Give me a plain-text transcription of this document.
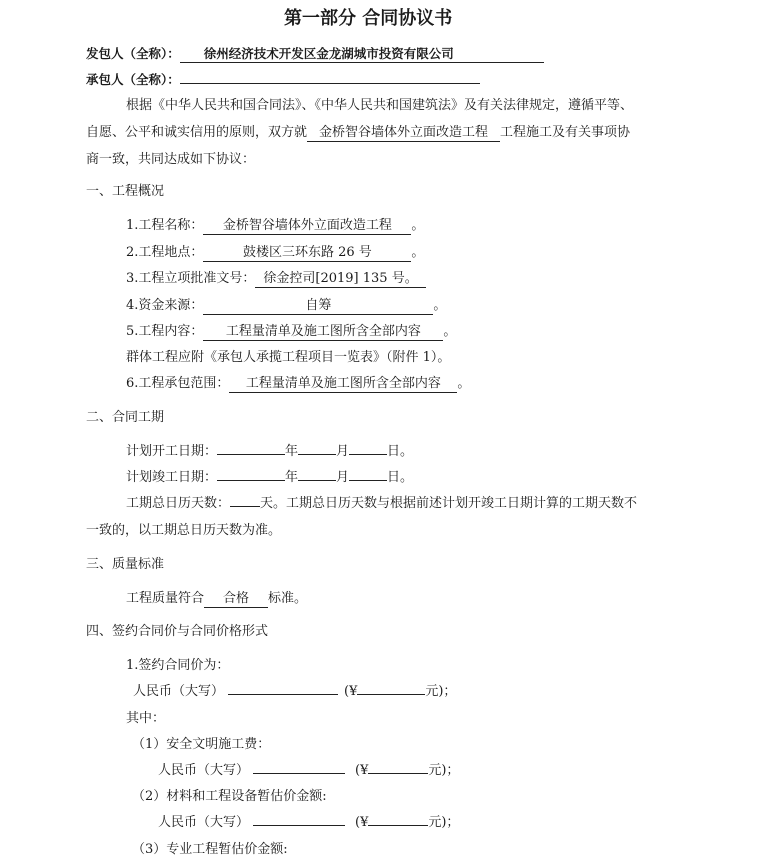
第一部分 合同协议书
发包人（全称）： 徐州经济技术开发区金龙湖城市投资有限公司
承包人（全称）：
根据《中华人民共和国合同法》、《中华人民共和国建筑法》及有关法律规定，遵循平等、
自愿、公平和诚实信用的原则，双方就 金桥智谷墙体外立面改造工程 工程施工及有关事项协
商一致，共同达成如下协议：
一、工程概况
1.工程名称： 金桥智谷墙体外立面改造工程 。
2.工程地点：	鼓楼区三环东路 26 号	。
3.工程立项批准文号： 徐金控司[2019] 135 号。
4.资金来源：	自筹	。
5.工程内容： 工程量清单及施工图所含全部内容 。
群体工程应附《承包人承揽工程项目一览表》（附件 1）。
6.工程承包范围： 工程量清单及施工图所含全部内容 。
二、合同工期
计划开工日期：	年	月	日。
计划竣工日期：	年	月	日。
工期总日历天数： 天。工期总日历天数与根据前述计划开竣工日期计算的工期天数不
一致的，以工期总日历天数为准。
三、质量标准
工程质量符合 合格 标准。
四、签约合同价与合同价格形式
1.签约合同价为：
人民币（大写）	(¥	元)；
其中：
（1）安全文明施工费：
人民币（大写）	(¥	元)；
（2）材料和工程设备暂估价金额:
人民币（大写）	(¥	元)；
（3）专业工程暂估价金额:
